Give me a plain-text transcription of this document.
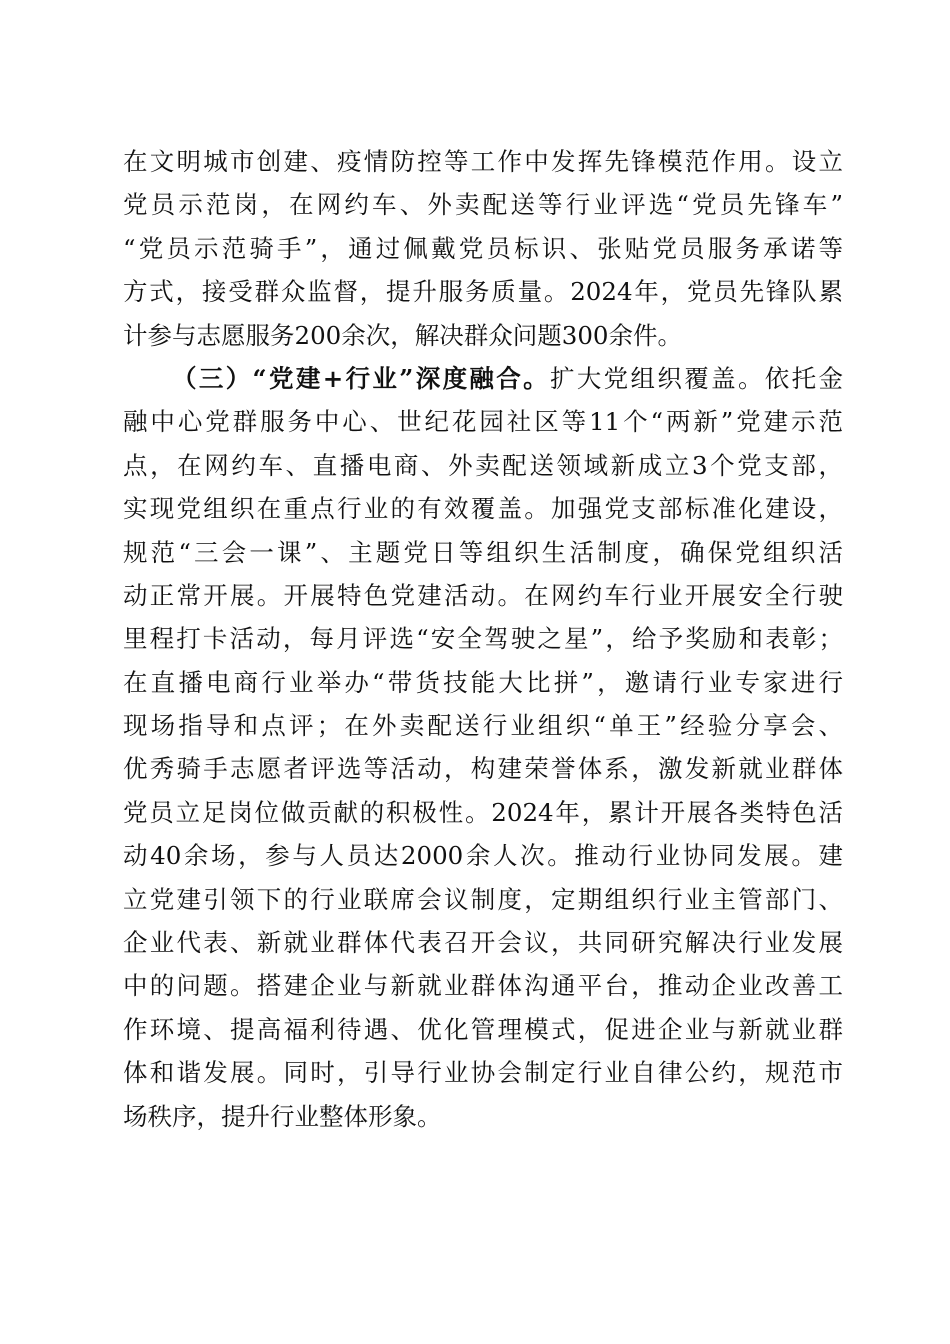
在文明城市创建、疫情防控等工作中发挥先锋模范作用。设立
党员示范岗，在网约车、外卖配送等行业评选“党员先锋车”
“党员示范骑手”，通过佩戴党员标识、张贴党员服务承诺等
方式，接受群众监督，提升服务质量。2024年，党员先锋队累
计参与志愿服务200余次，解决群众问题300余件。
（三）“党建+行业”深度融合。扩大党组织覆盖。依托金
融中心党群服务中心、世纪花园社区等11个“两新”党建示范
点，在网约车、直播电商、外卖配送领域新成立3个党支部，
实现党组织在重点行业的有效覆盖。加强党支部标准化建设，
规范“三会一课”、主题党日等组织生活制度，确保党组织活
动正常开展。开展特色党建活动。在网约车行业开展安全行驶
里程打卡活动，每月评选“安全驾驶之星”，给予奖励和表彰；
在直播电商行业举办“带货技能大比拼”，邀请行业专家进行
现场指导和点评；在外卖配送行业组织“单王”经验分享会、
优秀骑手志愿者评选等活动，构建荣誉体系，激发新就业群体
党员立足岗位做贡献的积极性。2024年，累计开展各类特色活
动40余场，参与人员达2000余人次。推动行业协同发展。建
立党建引领下的行业联席会议制度，定期组织行业主管部门、
企业代表、新就业群体代表召开会议，共同研究解决行业发展
中的问题。搭建企业与新就业群体沟通平台，推动企业改善工
作环境、提高福利待遇、优化管理模式，促进企业与新就业群
体和谐发展。同时，引导行业协会制定行业自律公约，规范市
场秩序，提升行业整体形象。
